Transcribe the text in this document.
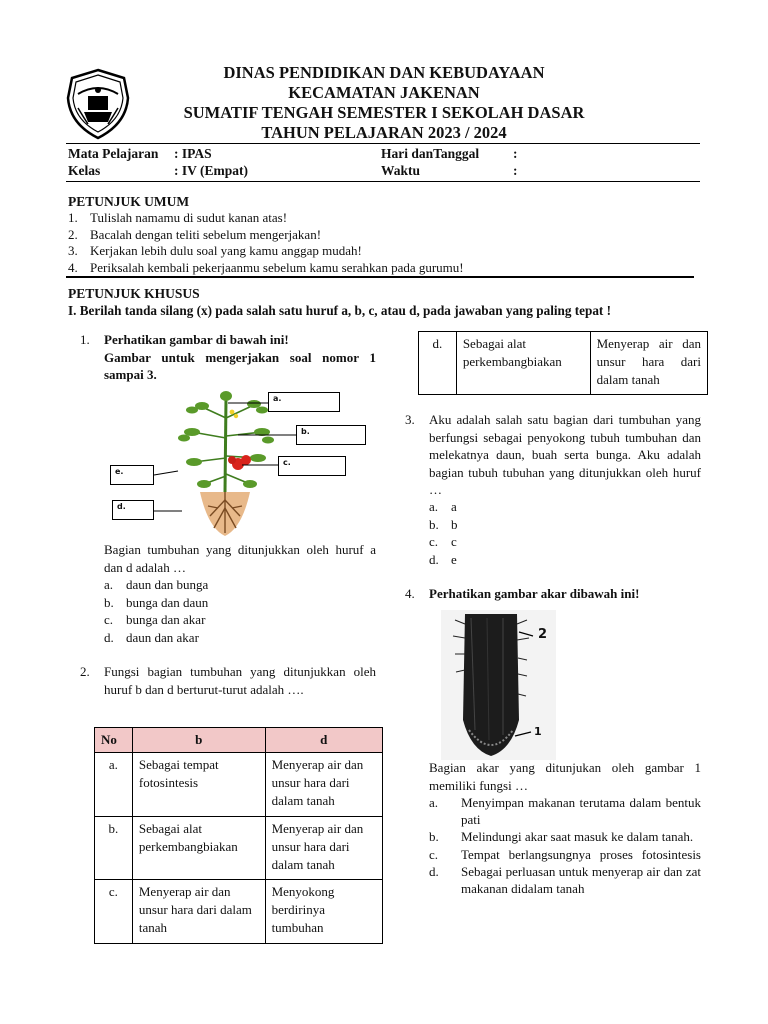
DINAS PENDIDIKAN DAN KEBUDAYAAN
KECAMATAN JAKENAN
SUMATIF TENGAH SEMESTER I SEKOLAH DASAR
TAHUN PELAJARAN 2023 / 2024
Mata Pelajaran : IPAS
Kelas	: IV (Empat)
Hari danTanggal	:
Waktu	:
PETUNJUK UMUM
1. Tulislah namamu di sudut kanan atas!
2. Bacalah dengan teliti sebelum mengerjakan!
3. Kerjakan lebih dulu soal yang kamu anggap mudah!
4. Periksalah kembali pekerjaanmu sebelum kamu serahkan pada gurumu!
PETUNJUK KHUSUS
I. Berilah tanda silang (x) pada salah satu huruf a, b, c, atau d, pada jawaban yang paling tepat !
1. Perhatikan gambar di bawah ini!
Gambar untuk mengerjakan soal nomor 1 sampai 3.
a.
b.
c.
e.
d.
Bagian tumbuhan yang ditunjukkan oleh huruf a dan d adalah …
a. daun dan bunga
b. bunga dan daun
c. bunga dan akar
d. daun dan akar
2. Fungsi bagian tumbuhan yang ditunjukkan oleh huruf b dan d berturut-turut adalah ….
No	b	d
a.	Sebagai tempat fotosintesis	Menyerap air dan unsur hara dari dalam tanah
b.	Sebagai alat perkembangbiakan	Menyerap air dan unsur hara dari dalam tanah
c.	Menyerap air dan unsur hara dari dalam tanah	Menyokong berdirinya tumbuhan
d.	Sebagai alat perkembangbiakan	Menyerap air dan unsur hara dari dalam tanah
3. Aku adalah salah satu bagian dari tumbuhan yang berfungsi sebagai penyokong tubuh tumbuhan dan melekatnya daun, buah serta bunga. Aku adalah bagian tubuh tubuhan yang ditunjukkan oleh huruf …
a. a
b. b
c. c
d. e
4. Perhatikan gambar akar dibawah ini!
2
1
Bagian akar yang ditunjukan oleh gambar 1 memiliki fungsi …
a. Menyimpan makanan terutama dalam bentuk pati
b. Melindungi akar saat masuk ke dalam tanah.
c. Tempat berlangsungnya proses fotosintesis
d. Sebagai perluasan untuk menyerap air dan zat makanan didalam tanah
